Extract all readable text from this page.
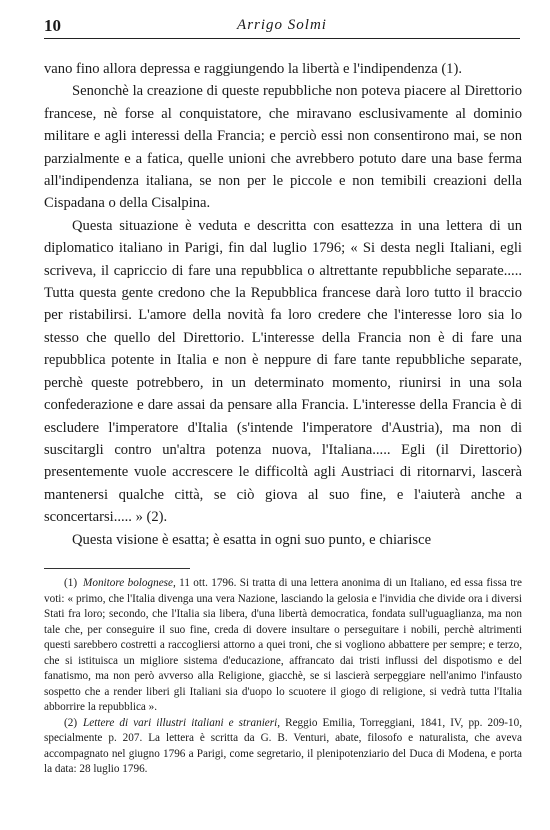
10	Arrigo Solmi

vano fino allora depressa e raggiungendo la libertà e l'indipendenza (1).

Senonchè la creazione di queste repubbliche non poteva piacere al Direttorio francese, nè forse al conquistatore, che miravano esclusivamente al dominio militare e agli interessi della Francia; e perciò essi non consentirono mai, se non parzialmente e a fatica, quelle unioni che avrebbero potuto dare una base ferma all'indipendenza italiana, se non per le piccole e non temibili creazioni della Cispadana o della Cisalpina.

Questa situazione è veduta e descritta con esattezza in una lettera di un diplomatico italiano in Parigi, fin dal luglio 1796; « Si desta negli Italiani, egli scriveva, il capriccio di fare una repubblica o altrettante repubbliche separate..... Tutta questa gente credono che la Repubblica francese darà loro tutto il braccio per ristabilirsi. L'amore della novità fa loro credere che l'interesse loro sia lo stesso che quello del Direttorio. L'interesse della Francia non è di fare una repubblica potente in Italia e non è neppure di fare tante repubbliche separate, perchè queste potrebbero, in un determinato momento, riunirsi in una sola confederazione e dare assai da pensare alla Francia. L'interesse della Francia è di escludere l'imperatore d'Italia (s'intende l'imperatore d'Austria), ma non di suscitargli contro un'altra potenza nuova, l'Italiana..... Egli (il Direttorio) presentemente vuole accrescere le difficoltà agli Austriaci di ritornarvi, lascerà mantenersi qualche città, se ciò giova al suo fine, e l'aiuterà anche a sconcertarsi..... » (2).

Questa visione è esatta; è esatta in ogni suo punto, e chiarisce

(1) Monitore bolognese, 11 ott. 1796. Si tratta di una lettera anonima di un Italiano, ed essa fissa tre voti: « primo, che l'Italia divenga una vera Nazione, lasciando la gelosia e l'invidia che divide ora i diversi Stati fra loro; secondo, che l'Italia sia libera, d'una libertà democratica, fondata sull'uguaglianza, ma non tale che, per conseguire il suo fine, creda di dovere insultare o perseguitare i nobili, perchè altrimenti questi sarebbero costretti a raccogliersi attorno a quei troni, che si vogliono abbattere per sempre; e terzo, che si istituisca un migliore sistema d'educazione, affrancato dai tristi influssi del dispotismo e del fanatismo, ma non però avverso alla Religione, giacchè, se si lascierà serpeggiare nell'animo l'infausto sospetto che a render liberi gli Italiani sia d'uopo lo scuotere il giogo di religione, si vedrà tutta l'Italia abborrire la repubblica ».

(2) Lettere di vari illustri italiani e stranieri, Reggio Emilia, Torreggiani, 1841, IV, pp. 209-10, specialmente p. 207. La lettera è scritta da G. B. Venturi, abate, filosofo e naturalista, che aveva accompagnato nel giugno 1796 a Parigi, come segretario, il plenipotenziario del Duca di Modena, e porta la data: 28 luglio 1796.
